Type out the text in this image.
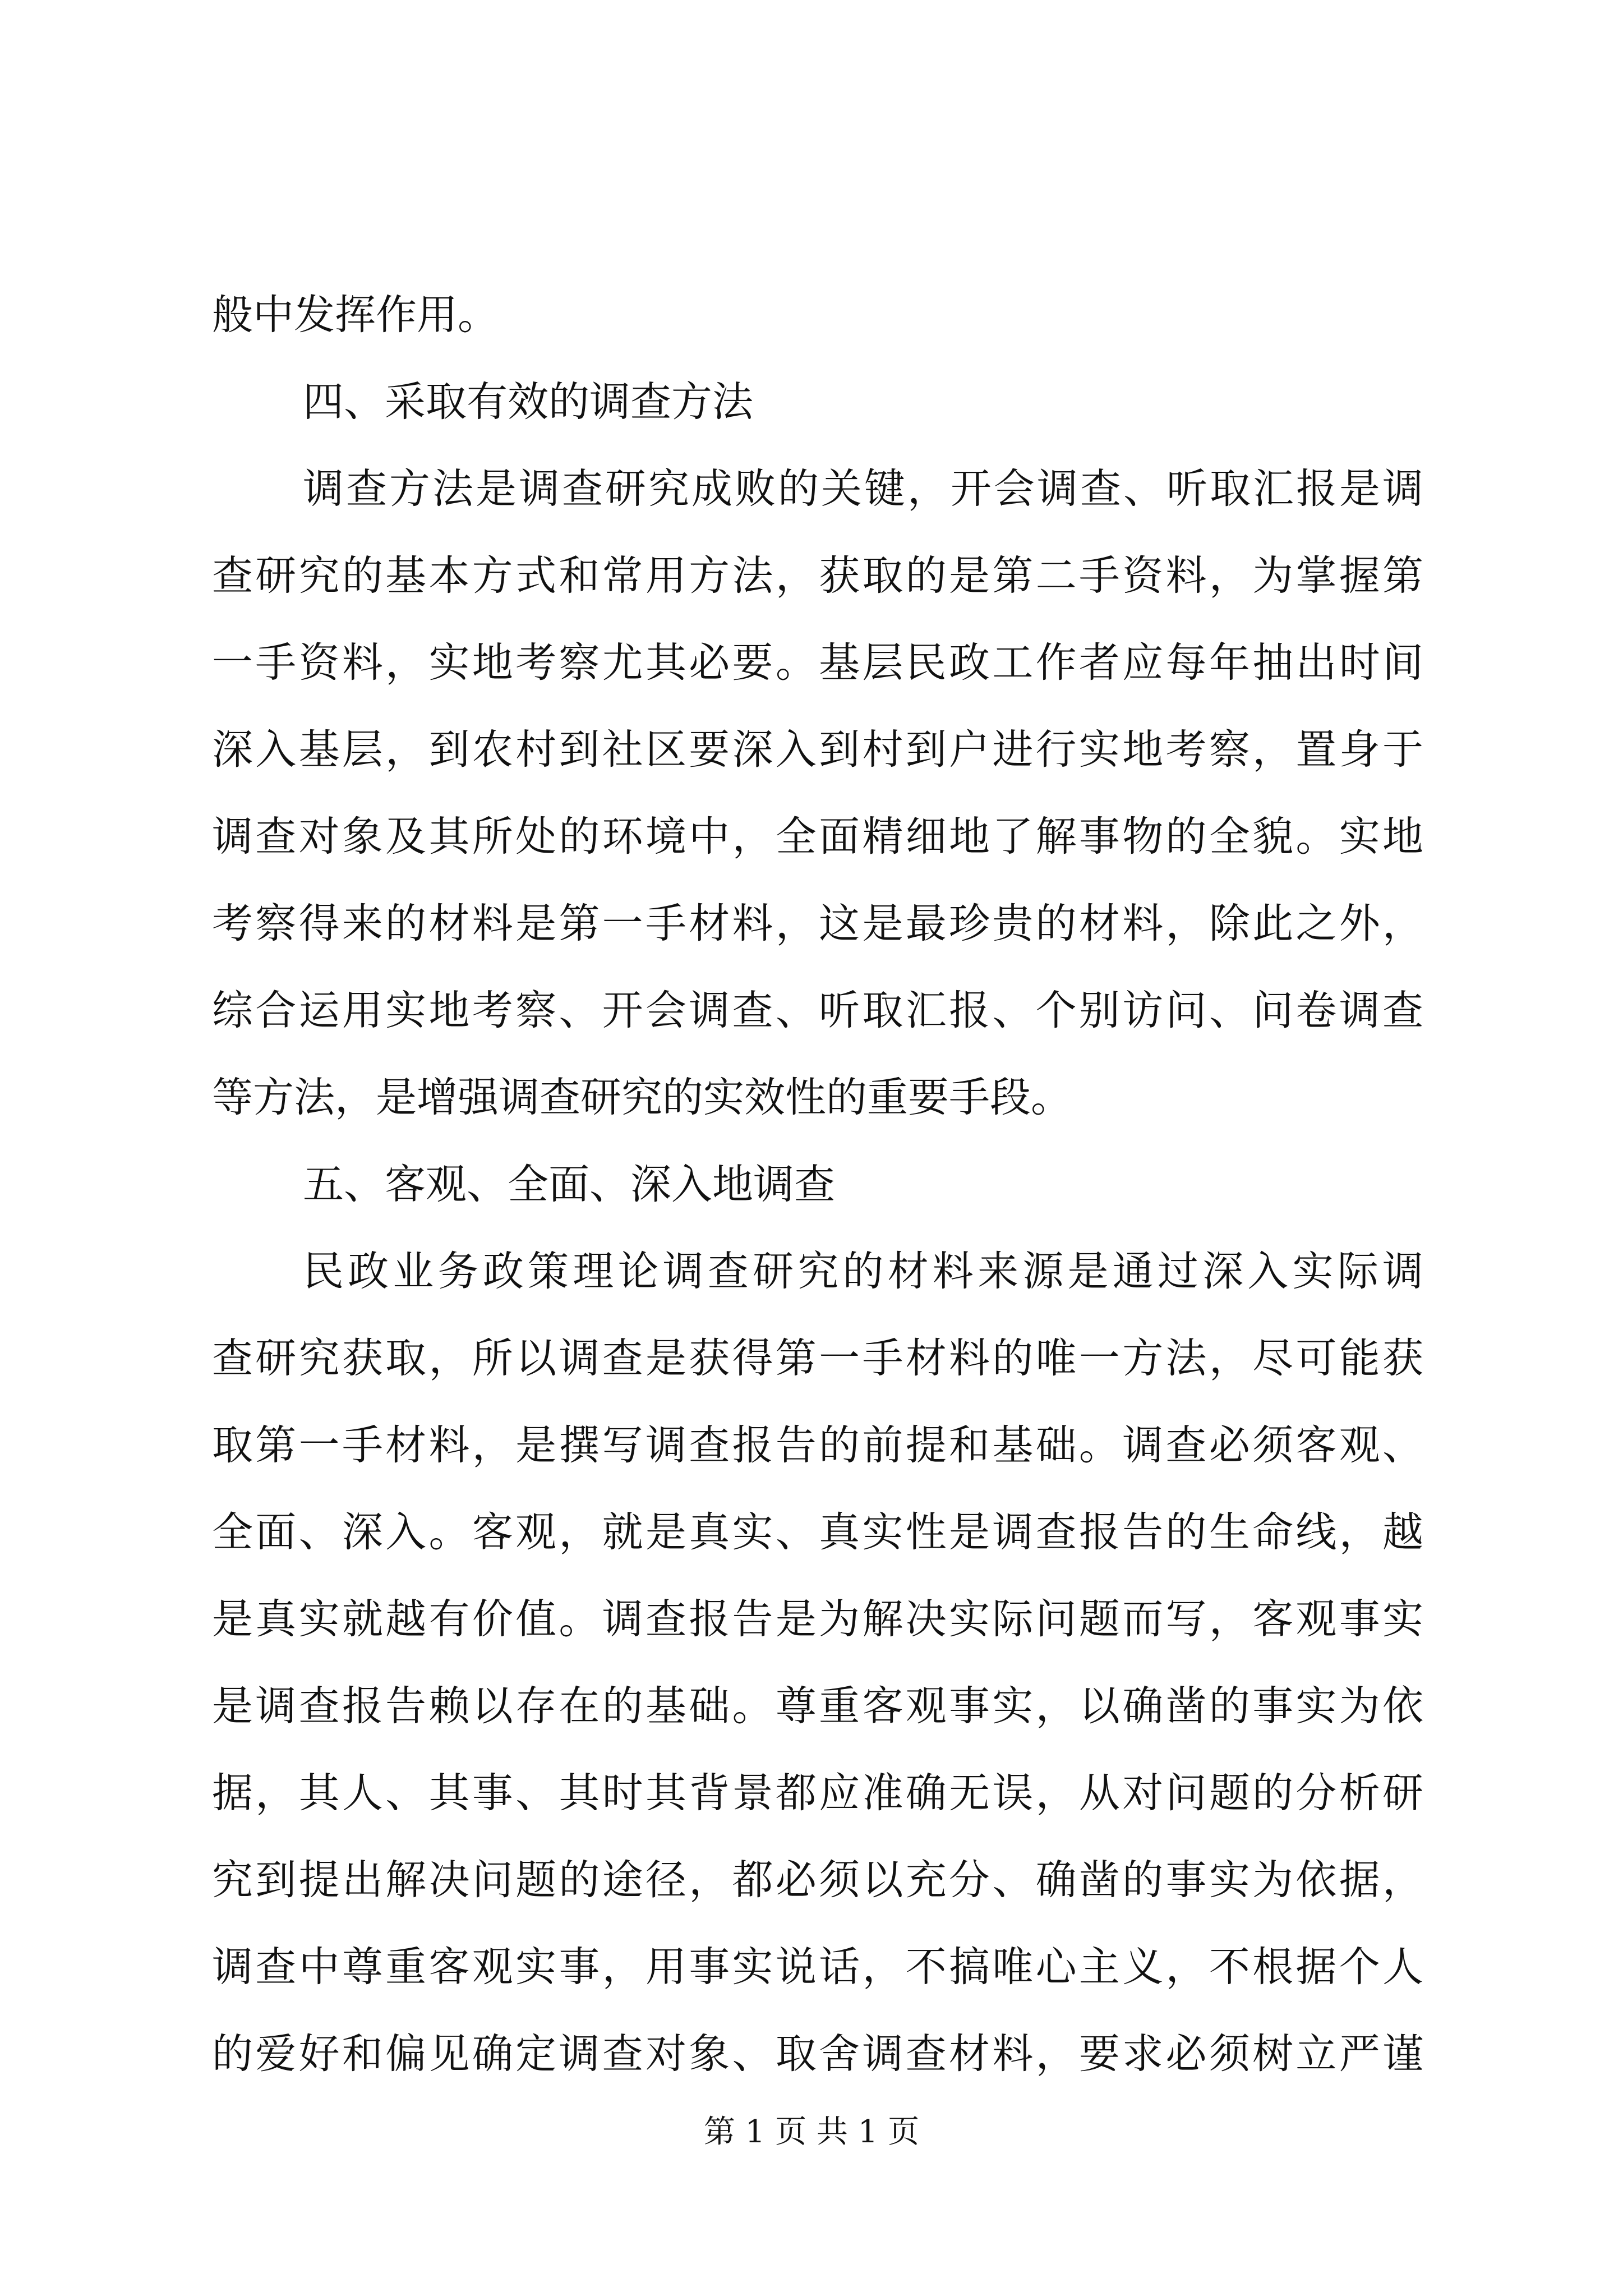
般中发挥作用。
四、采取有效的调查方法
调查方法是调查研究成败的关键，开会调查、听取汇报是调
查研究的基本方式和常用方法，获取的是第二手资料，为掌握第
一手资料，实地考察尤其必要。基层民政工作者应每年抽出时间
深入基层，到农村到社区要深入到村到户进行实地考察，置身于
调查对象及其所处的环境中，全面精细地了解事物的全貌。实地
考察得来的材料是第一手材料，这是最珍贵的材料，除此之外，
综合运用实地考察、开会调查、听取汇报、个别访问、问卷调查
等方法，是增强调查研究的实效性的重要手段。
五、客观、全面、深入地调查
民政业务政策理论调查研究的材料来源是通过深入实际调
查研究获取，所以调查是获得第一手材料的唯一方法，尽可能获
取第一手材料，是撰写调查报告的前提和基础。调查必须客观、
全面、深入。客观，就是真实、真实性是调查报告的生命线，越
是真实就越有价值。调查报告是为解决实际问题而写，客观事实
是调查报告赖以存在的基础。尊重客观事实，以确凿的事实为依
据，其人、其事、其时其背景都应准确无误，从对问题的分析研
究到提出解决问题的途径，都必须以充分、确凿的事实为依据，
调查中尊重客观实事，用事实说话，不搞唯心主义，不根据个人
的爱好和偏见确定调查对象、取舍调查材料，要求必须树立严谨
第 1 页 共 1 页
